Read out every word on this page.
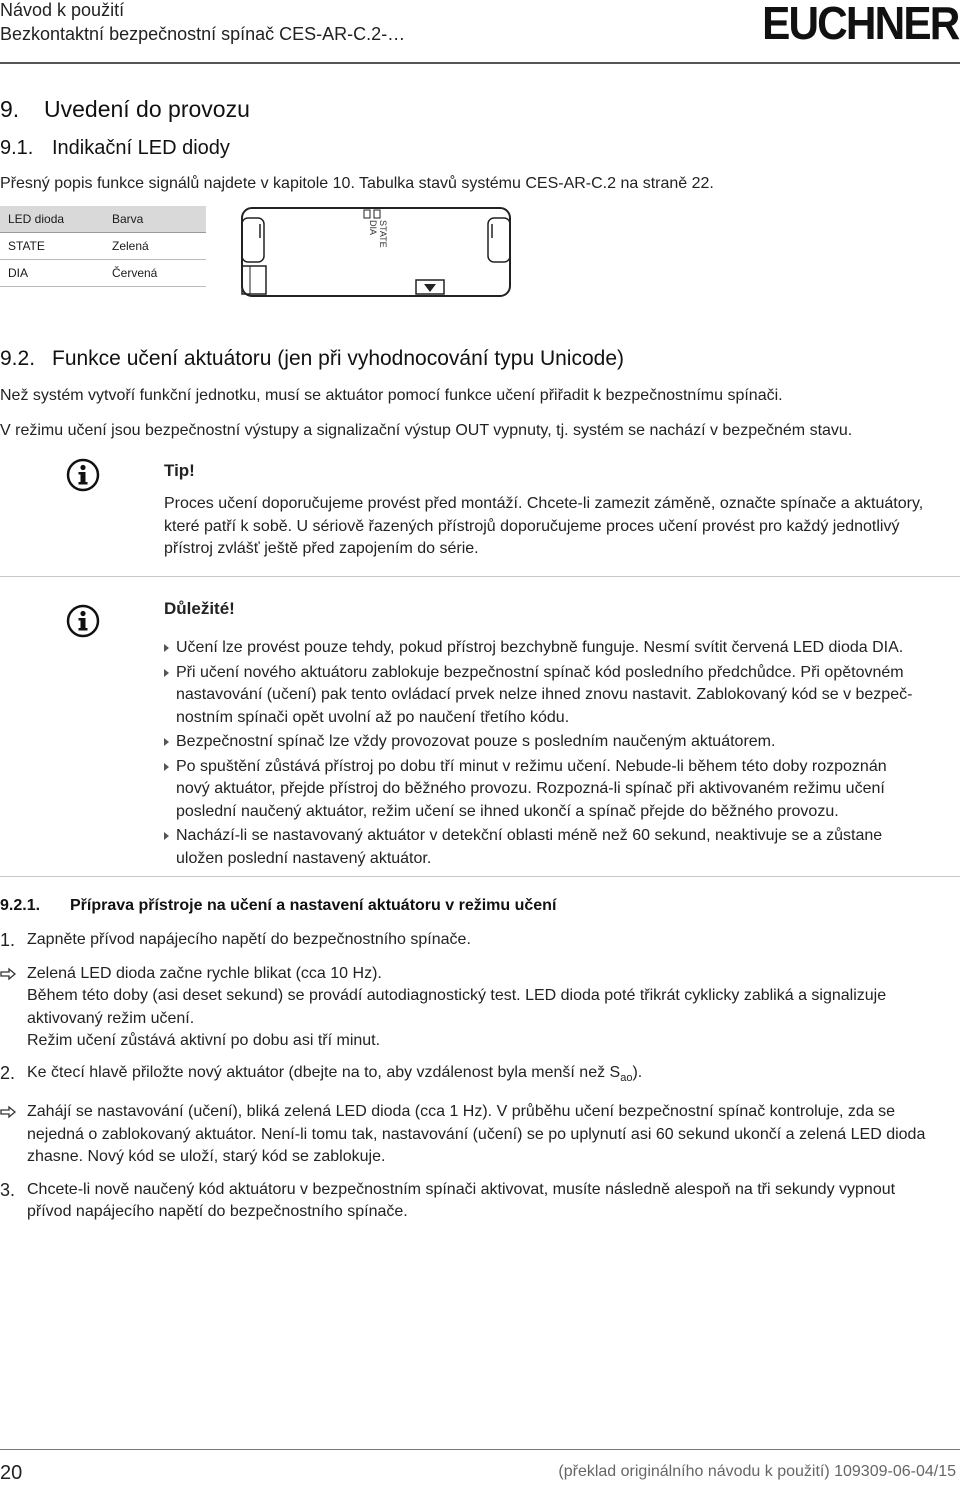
Návod k použití
Bezkontaktní bezpečnostní spínač CES-AR-C.2-…	EUCHNER
9. Uvedení do provozu
9.1. Indikační LED diody
Přesný popis funkce signálů najdete v kapitole 10. Tabulka stavů systému CES-AR-C.2 na straně 22.
LED dioda	Barva
STATE	Zelená
DIA	Červená
DIA STATE
9.2. Funkce učení aktuátoru (jen při vyhodnocování typu Unicode)
Než systém vytvoří funkční jednotku, musí se aktuátor pomocí funkce učení přiřadit k bezpečnostnímu spínači.
V režimu učení jsou bezpečnostní výstupy a signalizační výstup OUT vypnuty, tj. systém se nachází v bezpečném stavu.
Tip!
Proces učení doporučujeme provést před montáží. Chcete-li zamezit záměně, označte spínače a aktuátory,
které patří k sobě. U sériově řazených přístrojů doporučujeme proces učení provést pro každý jednotlivý
přístroj zvlášť ještě před zapojením do série.
Důležité!
Učení lze provést pouze tehdy, pokud přístroj bezchybně funguje. Nesmí svítit červená LED dioda DIA.
Při učení nového aktuátoru zablokuje bezpečnostní spínač kód posledního předchůdce. Při opětovném
nastavování (učení) pak tento ovládací prvek nelze ihned znovu nastavit. Zablokovaný kód se v bezpeč-
nostním spínači opět uvolní až po naučení třetího kódu.
Bezpečnostní spínač lze vždy provozovat pouze s posledním naučeným aktuátorem.
Po spuštění zůstává přístroj po dobu tří minut v režimu učení. Nebude-li během této doby rozpoznán
nový aktuátor, přejde přístroj do běžného provozu. Rozpozná-li spínač při aktivovaném režimu učení
poslední naučený aktuátor, režim učení se ihned ukončí a spínač přejde do běžného provozu.
Nachází-li se nastavovaný aktuátor v detekční oblasti méně než 60 sekund, neaktivuje se a zůstane
uložen poslední nastavený aktuátor.
9.2.1. Příprava přístroje na učení a nastavení aktuátoru v režimu učení
1. Zapněte přívod napájecího napětí do bezpečnostního spínače.
Zelená LED dioda začne rychle blikat (cca 10 Hz).
Během této doby (asi deset sekund) se provádí autodiagnostický test. LED dioda poté třikrát cyklicky zabliká a signalizuje
aktivovaný režim učení.
Režim učení zůstává aktivní po dobu asi tří minut.
2. Ke čtecí hlavě přiložte nový aktuátor (dbejte na to, aby vzdálenost byla menší než $S_{ao}$).
Zahájí se nastavování (učení), bliká zelená LED dioda (cca 1 Hz). V průběhu učení bezpečnostní spínač kontroluje, zda se
nejedná o zablokovaný aktuátor. Není-li tomu tak, nastavování (učení) se po uplynutí asi 60 sekund ukončí a zelená LED dioda
zhasne. Nový kód se uloží, starý kód se zablokuje.
3. Chcete-li nově naučený kód aktuátoru v bezpečnostním spínači aktivovat, musíte následně alespoň na tři sekundy vypnout
přívod napájecího napětí do bezpečnostního spínače.
20	(překlad originálního návodu k použití) 109309-06-04/15
